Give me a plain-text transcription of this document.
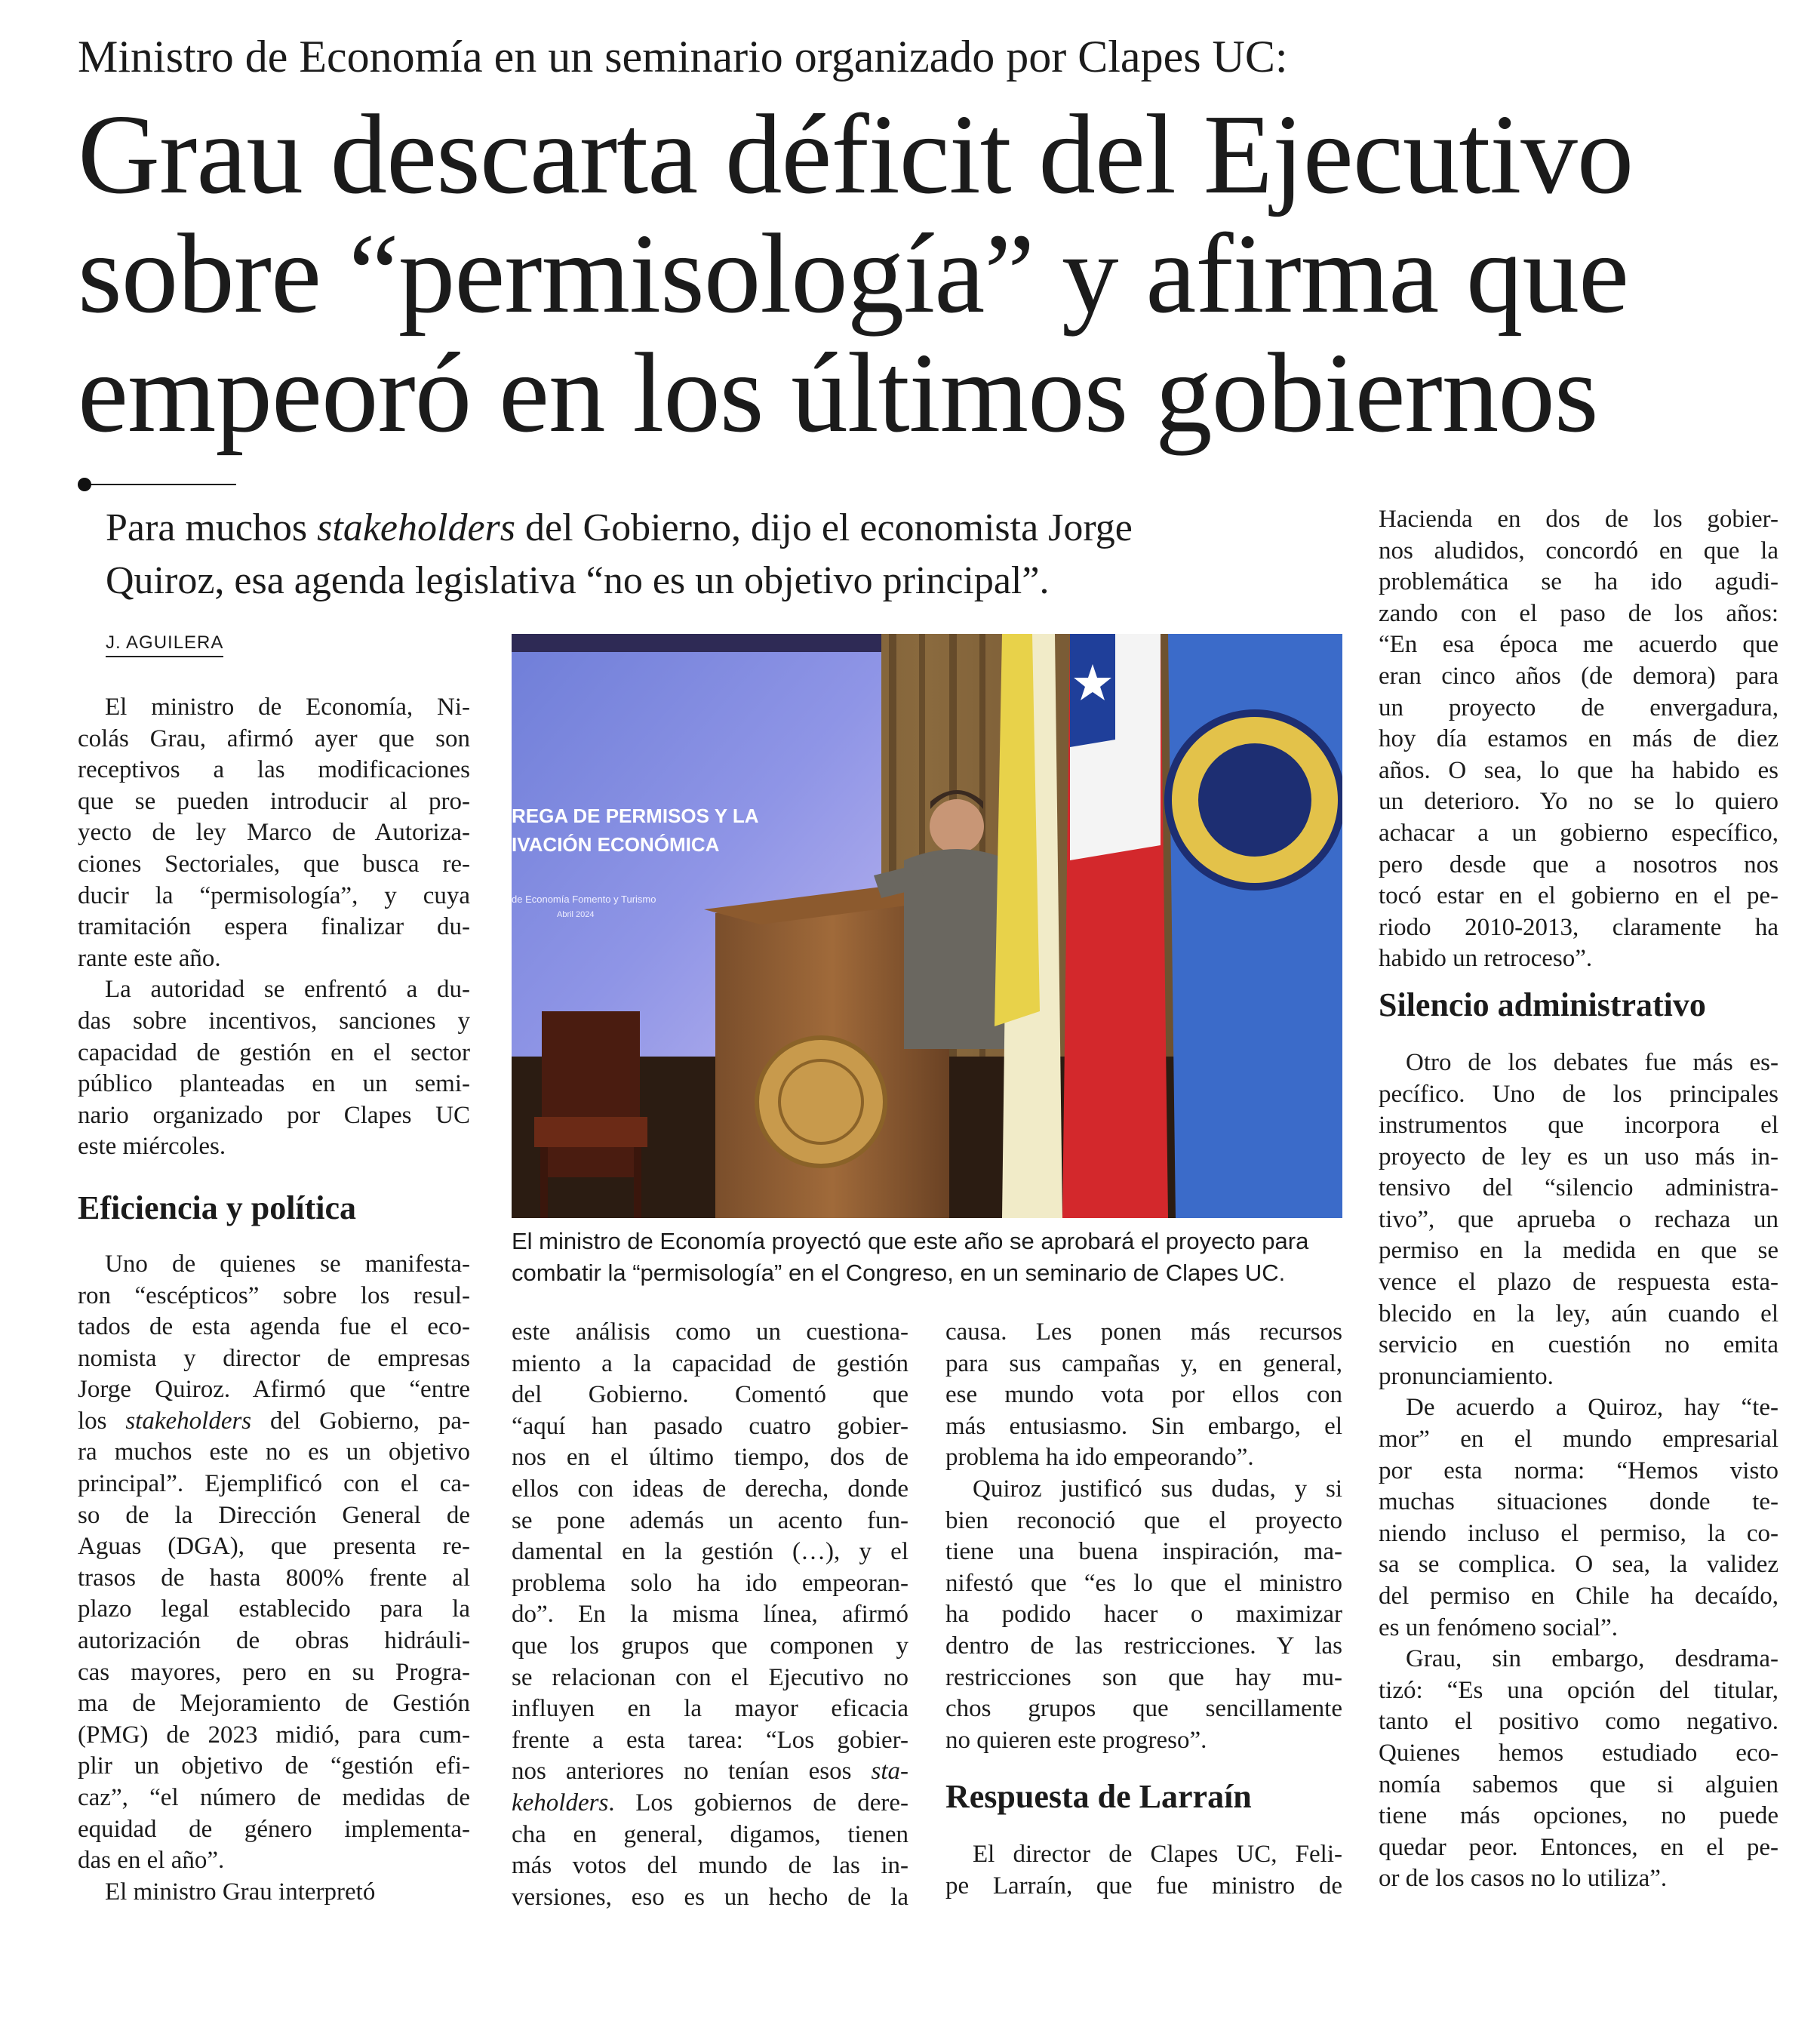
Ministro de Economía en un seminario organizado por Clapes UC:
Grau descarta déficit del Ejecutivo
sobre “permisología” y afirma que
empeoró en los últimos gobiernos
Para muchos stakeholders del Gobierno, dijo el economista Jorge
Quiroz, esa agenda legislativa “no es un objetivo principal”.
J. AGUILERA
El ministro de Economía, Ni-
colás Grau, afirmó ayer que son
receptivos a las modificaciones
que se pueden introducir al pro-
yecto de ley Marco de Autoriza-
ciones Sectoriales, que busca re-
ducir la “permisología”, y cuya
tramitación espera finalizar du-
rante este año.
La autoridad se enfrentó a du-
das sobre incentivos, sanciones y
capacidad de gestión en el sector
público planteadas en un semi-
nario organizado por Clapes UC
este miércoles.
Eficiencia y política
Uno de quienes se manifesta-
ron “escépticos” sobre los resul-
tados de esta agenda fue el eco-
nomista y director de empresas
Jorge Quiroz. Afirmó que “entre
los stakeholders del Gobierno, pa-
ra muchos este no es un objetivo
principal”. Ejemplificó con el ca-
so de la Dirección General de
Aguas (DGA), que presenta re-
trasos de hasta 800% frente al
plazo legal establecido para la
autorización de obras hidráuli-
cas mayores, pero en su Progra-
ma de Mejoramiento de Gestión
(PMG) de 2023 midió, para cum-
plir un objetivo de “gestión efi-
caz”, “el número de medidas de
equidad de género implementa-
das en el año”.
El ministro Grau interpretó
REGA DE PERMISOS Y LA
IVACIÓN ECONÓMICA
de Economía Fomento y Turismo
Abril 2024
El ministro de Economía proyectó que este año se aprobará el proyecto para
combatir la “permisología” en el Congreso, en un seminario de Clapes UC.
este análisis como un cuestiona-
miento a la capacidad de gestión
del Gobierno. Comentó que
“aquí han pasado cuatro gobier-
nos en el último tiempo, dos de
ellos con ideas de derecha, donde
se pone además un acento fun-
damental en la gestión (…), y el
problema solo ha ido empeoran-
do”. En la misma línea, afirmó
que los grupos que componen y
se relacionan con el Ejecutivo no
influyen en la mayor eficacia
frente a esta tarea: “Los gobier-
nos anteriores no tenían esos sta-
keholders. Los gobiernos de dere-
cha en general, digamos, tienen
más votos del mundo de las in-
versiones, eso es un hecho de la
causa. Les ponen más recursos
para sus campañas y, en general,
ese mundo vota por ellos con
más entusiasmo. Sin embargo, el
problema ha ido empeorando”.
Quiroz justificó sus dudas, y si
bien reconoció que el proyecto
tiene una buena inspiración, ma-
nifestó que “es lo que el ministro
ha podido hacer o maximizar
dentro de las restricciones. Y las
restricciones son que hay mu-
chos grupos que sencillamente
no quieren este progreso”.
Respuesta de Larraín
El director de Clapes UC, Feli-
pe Larraín, que fue ministro de
Hacienda en dos de los gobier-
nos aludidos, concordó en que la
problemática se ha ido agudi-
zando con el paso de los años:
“En esa época me acuerdo que
eran cinco años (de demora) para
un proyecto de envergadura,
hoy día estamos en más de diez
años. O sea, lo que ha habido es
un deterioro. Yo no se lo quiero
achacar a un gobierno específico,
pero desde que a nosotros nos
tocó estar en el gobierno en el pe-
riodo 2010-2013, claramente ha
habido un retroceso”.
Silencio administrativo
Otro de los debates fue más es-
pecífico. Uno de los principales
instrumentos que incorpora el
proyecto de ley es un uso más in-
tensivo del “silencio administra-
tivo”, que aprueba o rechaza un
permiso en la medida en que se
vence el plazo de respuesta esta-
blecido en la ley, aún cuando el
servicio en cuestión no emita
pronunciamiento.
De acuerdo a Quiroz, hay “te-
mor” en el mundo empresarial
por esta norma: “Hemos visto
muchas situaciones donde te-
niendo incluso el permiso, la co-
sa se complica. O sea, la validez
del permiso en Chile ha decaído,
es un fenómeno social”.
Grau, sin embargo, desdrama-
tizó: “Es una opción del titular,
tanto el positivo como negativo.
Quienes hemos estudiado eco-
nomía sabemos que si alguien
tiene más opciones, no puede
quedar peor. Entonces, en el pe-
or de los casos no lo utiliza”.
